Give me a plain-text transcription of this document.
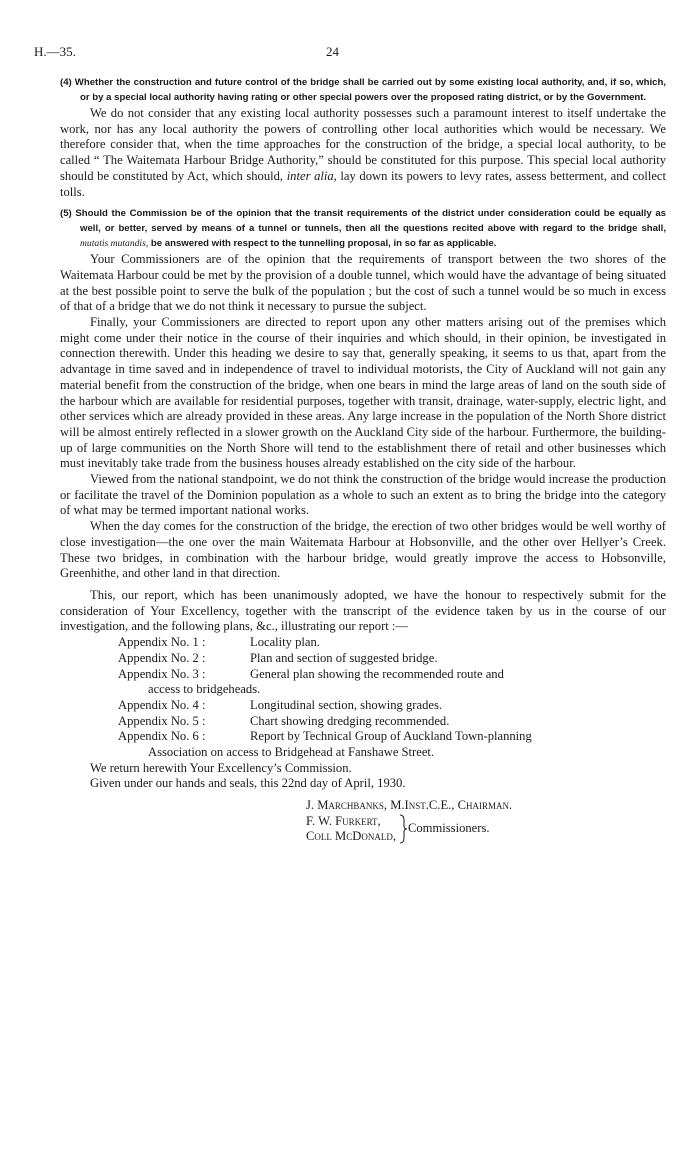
H.—35.	24

(4) Whether the construction and future control of the bridge shall be carried out by some existing local authority, and, if so, which, or by a special local authority having rating or other special powers over the proposed rating district, or by the Government.

We do not consider that any existing local authority possesses such a paramount interest to itself undertake the work, nor has any local authority the powers of controlling other local authorities which would be necessary. We therefore consider that, when the time approaches for the construction of the bridge, a special local authority, to be called “ The Waitemata Harbour Bridge Authority,” should be constituted for this purpose. This special local authority should be constituted by Act, which should, inter alia, lay down its powers to levy rates, assess betterment, and collect tolls.

(5) Should the Commission be of the opinion that the transit requirements of the district under consideration could be equally as well, or better, served by means of a tunnel or tunnels, then all the questions recited above with regard to the bridge shall, mutatis mutandis, be answered with respect to the tunnelling proposal, in so far as applicable.

Your Commissioners are of the opinion that the requirements of transport between the two shores of the Waitemata Harbour could be met by the provision of a double tunnel, which would have the advantage of being situated at the best possible point to serve the bulk of the population ; but the cost of such a tunnel would be so much in excess of that of a bridge that we do not think it necessary to pursue the subject.

Finally, your Commissioners are directed to report upon any other matters arising out of the premises which might come under their notice in the course of their inquiries and which should, in their opinion, be investigated in connection therewith. Under this heading we desire to say that, generally speaking, it seems to us that, apart from the advantage in time saved and in independence of travel to individual motorists, the City of Auckland will not gain any material benefit from the construction of the bridge, when one bears in mind the large areas of land on the south side of the harbour which are available for residential purposes, together with transit, drainage, water-supply, electric light, and other services which are already provided in these areas. Any large increase in the population of the North Shore district will be almost entirely reflected in a slower growth on the Auckland City side of the harbour. Furthermore, the building-up of large communities on the North Shore will tend to the establishment there of retail and other businesses which must inevitably take trade from the business houses already established on the city side of the harbour.

Viewed from the national standpoint, we do not think the construction of the bridge would increase the production or facilitate the travel of the Dominion population as a whole to such an extent as to bring the bridge into the category of what may be termed important national works.

When the day comes for the construction of the bridge, the erection of two other bridges would be well worthy of close investigation—the one over the main Waitemata Harbour at Hobsonville, and the other over Hellyer’s Creek. These two bridges, in combination with the harbour bridge, would greatly improve the access to Hobsonville, Greenhithe, and other land in that direction.

This, our report, which has been unanimously adopted, we have the honour to respectively submit for the consideration of Your Excellency, together with the transcript of the evidence taken by us in the course of our investigation, and the following plans, &c., illustrating our report :—

Appendix No. 1 :	Locality plan.
Appendix No. 2 :	Plan and section of suggested bridge.
Appendix No. 3 :	General plan showing the recommended route and
access to bridgeheads.
Appendix No. 4 :	Longitudinal section, showing grades.
Appendix No. 5 :	Chart showing dredging recommended.
Appendix No. 6 :	Report by Technical Group of Auckland Town-planning
Association on access to Bridgehead at Fanshawe Street.

We return herewith Your Excellency’s Commission.

Given under our hands and seals, this 22nd day of April, 1930.

J. Marchbanks, M.Inst.C.E., Chairman.
F. W. Furkert,
Coll McDonald,
Commissioners.
